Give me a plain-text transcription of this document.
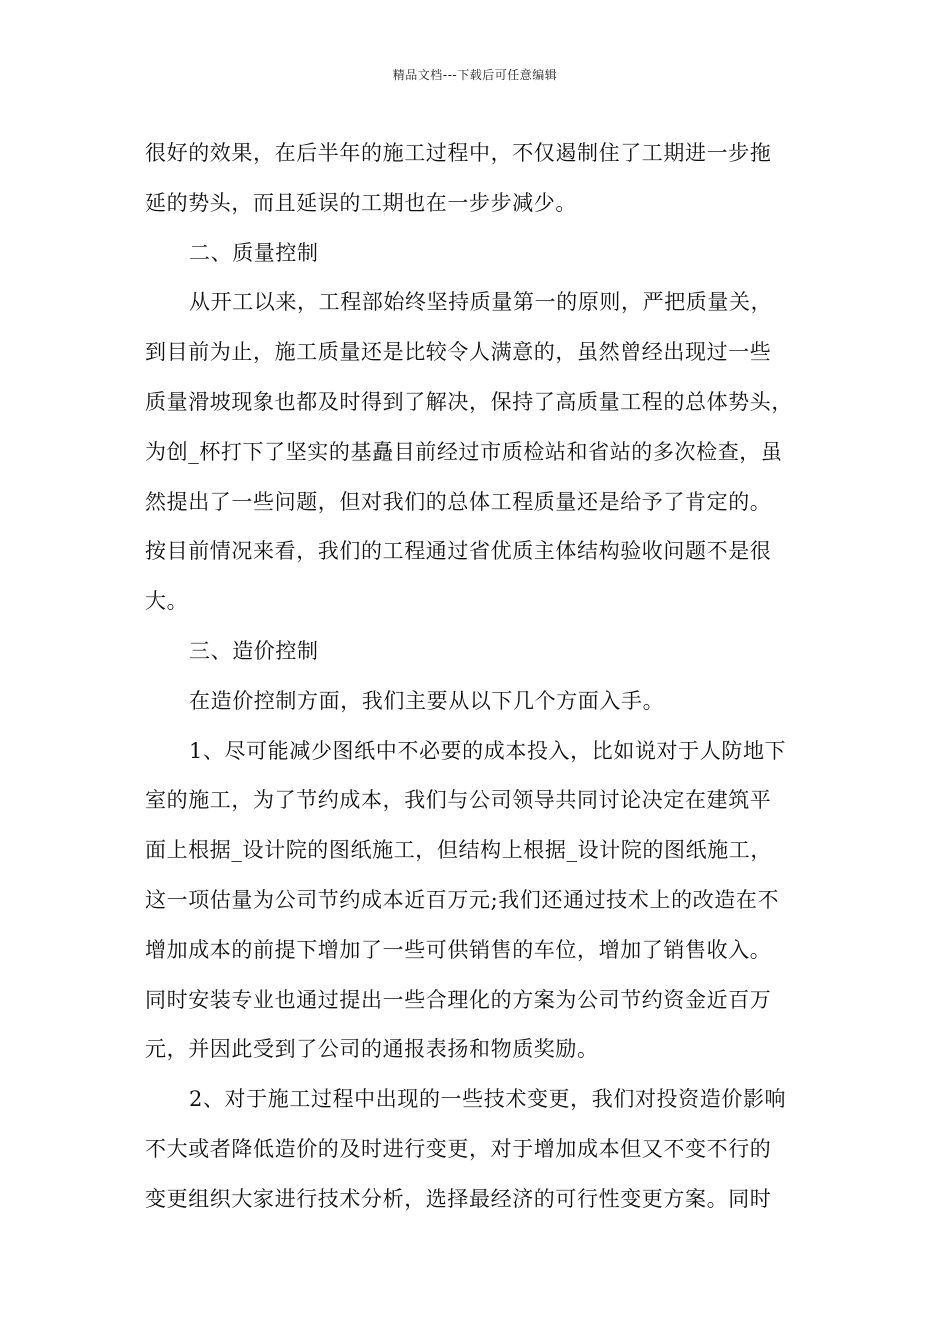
精品文档---下载后可任意编辑
很好的效果，在后半年的施工过程中，不仅遏制住了工期进一步拖
延的势头，而且延误的工期也在一步步减少。
二、质量控制
从开工以来，工程部始终坚持质量第一的原则，严把质量关，
到目前为止，施工质量还是比较令人满意的，虽然曾经出现过一些
质量滑坡现象也都及时得到了解决，保持了高质量工程的总体势头，
为创_杯打下了坚实的基矗目前经过市质检站和省站的多次检查，虽
然提出了一些问题，但对我们的总体工程质量还是给予了肯定的。
按目前情况来看，我们的工程通过省优质主体结构验收问题不是很
大。
三、造价控制
在造价控制方面，我们主要从以下几个方面入手。
1、尽可能减少图纸中不必要的成本投入，比如说对于人防地下
室的施工，为了节约成本，我们与公司领导共同讨论决定在建筑平
面上根据_设计院的图纸施工，但结构上根据_设计院的图纸施工，
这一项估量为公司节约成本近百万元;我们还通过技术上的改造在不
增加成本的前提下增加了一些可供销售的车位，增加了销售收入。
同时安装专业也通过提出一些合理化的方案为公司节约资金近百万
元，并因此受到了公司的通报表扬和物质奖励。
2、对于施工过程中出现的一些技术变更，我们对投资造价影响
不大或者降低造价的及时进行变更，对于增加成本但又不变不行的
变更组织大家进行技术分析，选择最经济的可行性变更方案。同时
